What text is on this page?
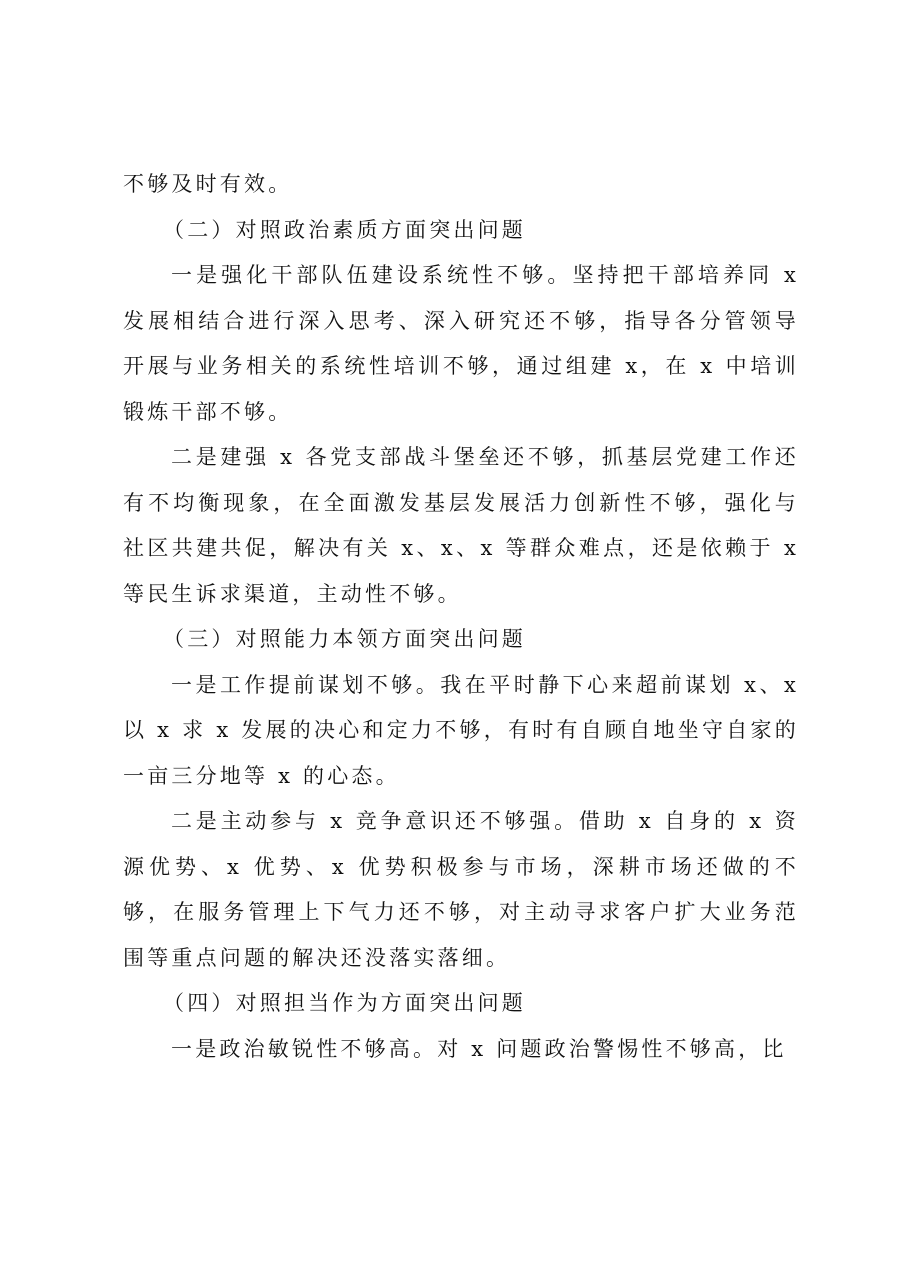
不够及时有效。

（二）对照政治素质方面突出问题

一是强化干部队伍建设系统性不够。坚持把干部培养同 x 发展相结合进行深入思考、深入研究还不够，指导各分管领导开展与业务相关的系统性培训不够，通过组建 x，在 x 中培训锻炼干部不够。

二是建强 x 各党支部战斗堡垒还不够，抓基层党建工作还有不均衡现象，在全面激发基层发展活力创新性不够，强化与社区共建共促，解决有关 x、x、x 等群众难点，还是依赖于 x 等民生诉求渠道，主动性不够。

（三）对照能力本领方面突出问题

一是工作提前谋划不够。我在平时静下心来超前谋划 x、x 以 x 求 x 发展的决心和定力不够，有时有自顾自地坐守自家的一亩三分地等 x 的心态。

二是主动参与 x 竞争意识还不够强。借助 x 自身的 x 资源优势、x 优势、x 优势积极参与市场，深耕市场还做的不够，在服务管理上下气力还不够，对主动寻求客户扩大业务范围等重点问题的解决还没落实落细。

（四）对照担当作为方面突出问题

一是政治敏锐性不够高。对 x 问题政治警惕性不够高，比
